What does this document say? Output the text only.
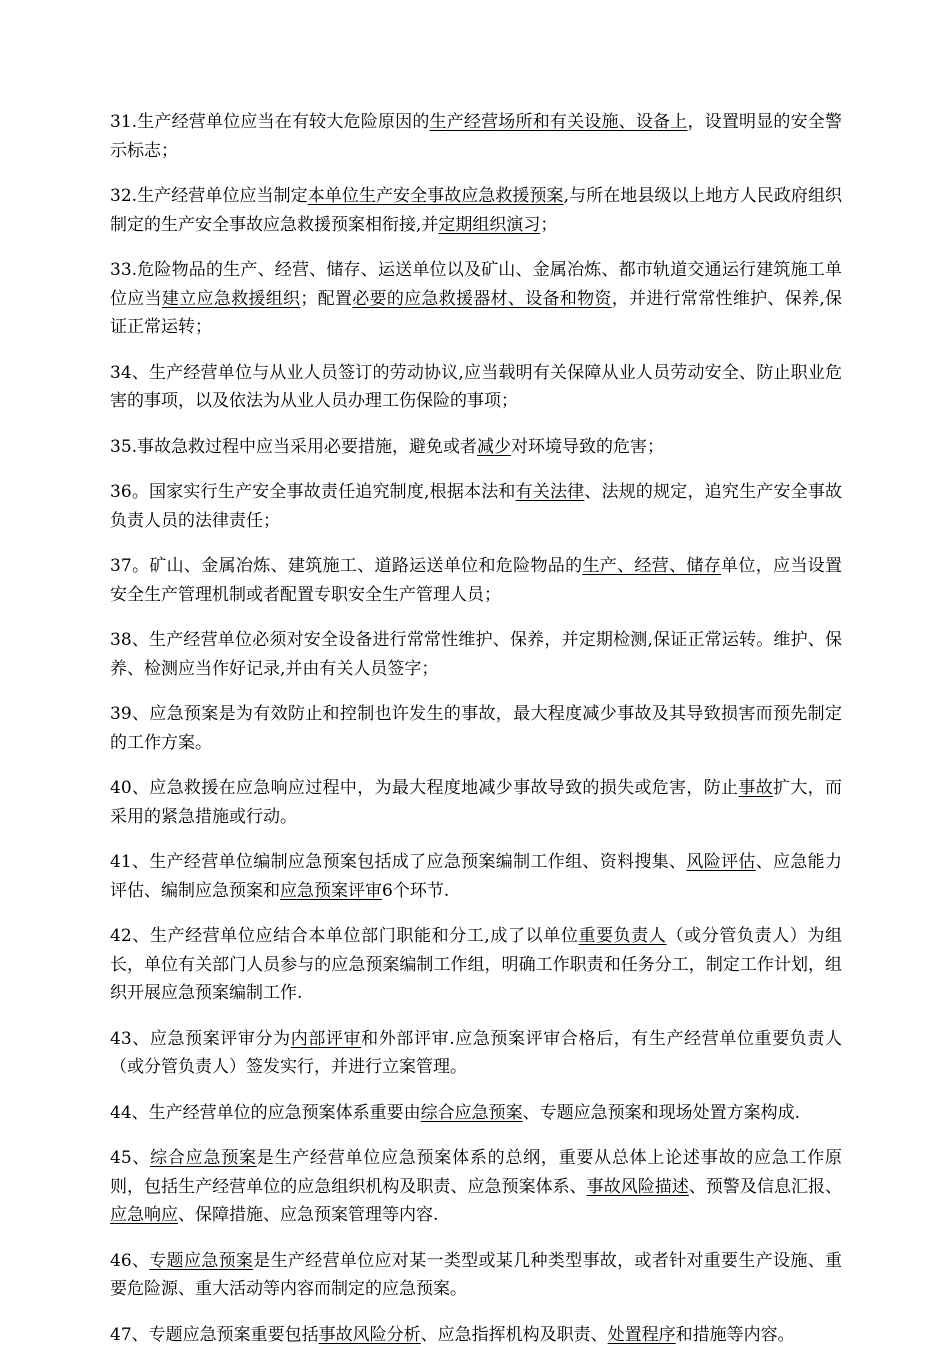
31.生产经营单位应当在有较大危险原因的生产经营场所和有关设施、设备上，设置明显的安全警示标志；

32.生产经营单位应当制定本单位生产安全事故应急救援预案,与所在地县级以上地方人民政府组织制定的生产安全事故应急救援预案相衔接,并定期组织演习；

33.危险物品的生产、经营、储存、运送单位以及矿山、金属冶炼、都市轨道交通运行建筑施工单位应当建立应急救援组织；配置必要的应急救援器材、设备和物资，并进行常常性维护、保养,保证正常运转；

34、生产经营单位与从业人员签订的劳动协议,应当载明有关保障从业人员劳动安全、防止职业危害的事项，以及依法为从业人员办理工伤保险的事项；

35.事故急救过程中应当采用必要措施，避免或者减少对环境导致的危害；

36。国家实行生产安全事故责任追究制度,根据本法和有关法律、法规的规定，追究生产安全事故负责人员的法律责任；

37。矿山、金属冶炼、建筑施工、道路运送单位和危险物品的生产、经营、储存单位，应当设置安全生产管理机制或者配置专职安全生产管理人员；

38、生产经营单位必须对安全设备进行常常性维护、保养，并定期检测,保证正常运转。维护、保养、检测应当作好记录,并由有关人员签字；

39、应急预案是为有效防止和控制也许发生的事故，最大程度减少事故及其导致损害而预先制定的工作方案。

40、应急救援在应急响应过程中，为最大程度地减少事故导致的损失或危害，防止事故扩大，而采用的紧急措施或行动。

41、生产经营单位编制应急预案包括成了应急预案编制工作组、资料搜集、风险评估、应急能力评估、编制应急预案和应急预案评审6个环节.

42、生产经营单位应结合本单位部门职能和分工,成了以单位重要负责人（或分管负责人）为组长，单位有关部门人员参与的应急预案编制工作组，明确工作职责和任务分工，制定工作计划，组织开展应急预案编制工作.

43、应急预案评审分为内部评审和外部评审.应急预案评审合格后，有生产经营单位重要负责人（或分管负责人）签发实行，并进行立案管理。

44、生产经营单位的应急预案体系重要由综合应急预案、专题应急预案和现场处置方案构成.

45、综合应急预案是生产经营单位应急预案体系的总纲，重要从总体上论述事故的应急工作原则，包括生产经营单位的应急组织机构及职责、应急预案体系、事故风险描述、预警及信息汇报、应急响应、保障措施、应急预案管理等内容.

46、专题应急预案是生产经营单位应对某一类型或某几种类型事故，或者针对重要生产设施、重要危险源、重大活动等内容而制定的应急预案。

47、专题应急预案重要包括事故风险分析、应急指挥机构及职责、处置程序和措施等内容。
